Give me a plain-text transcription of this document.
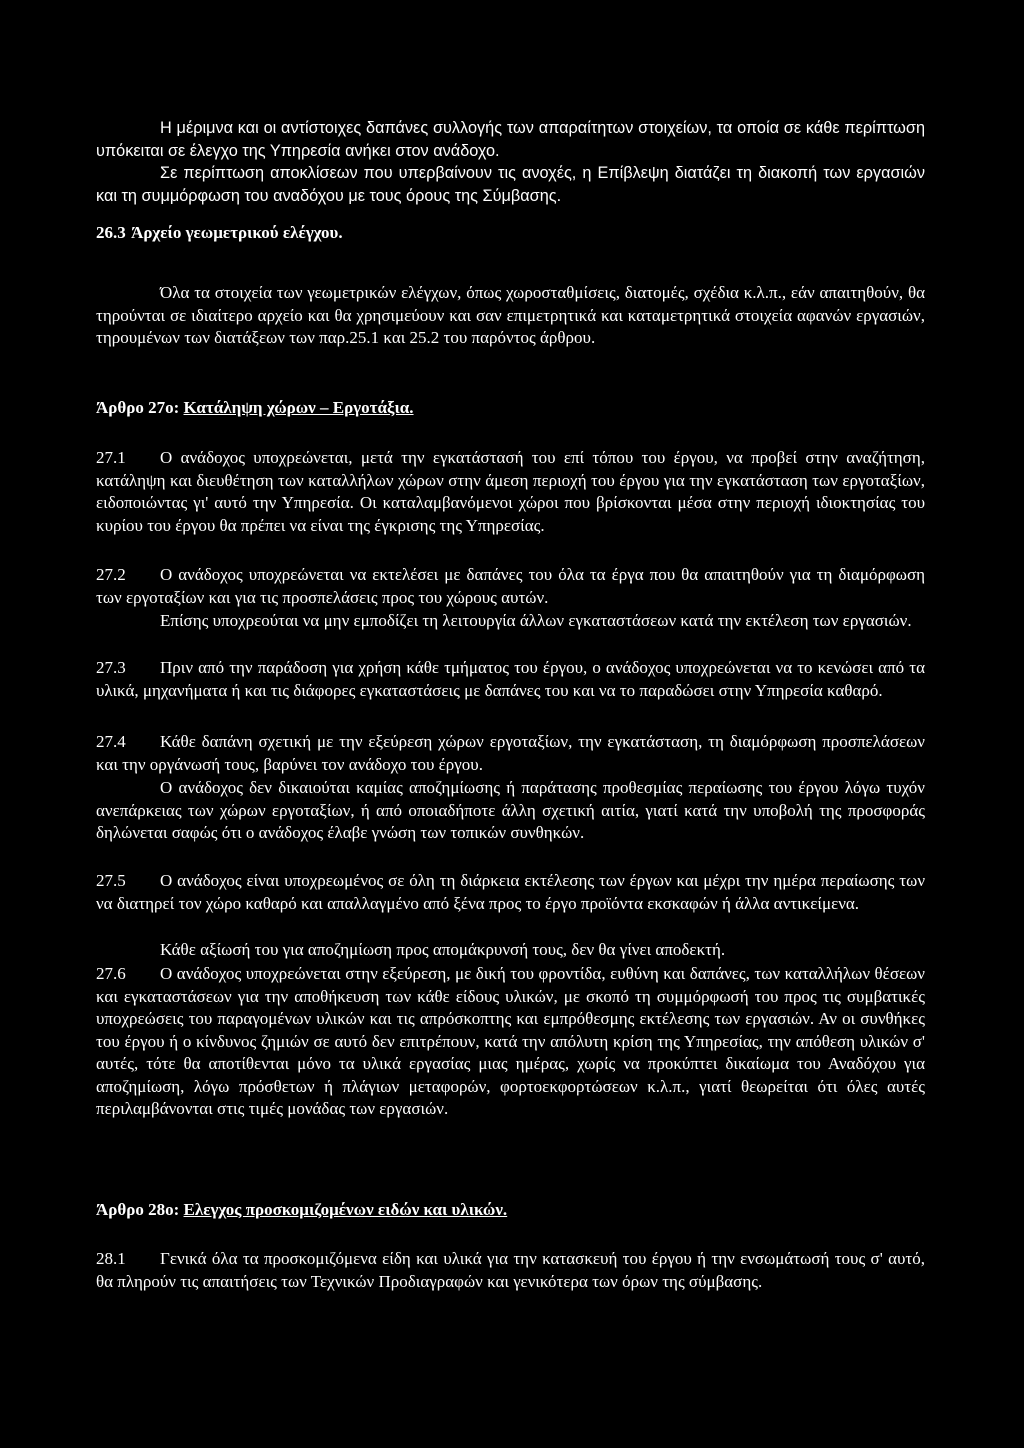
Η μέριμνα και οι αντίστοιχες δαπάνες συλλογής των απαραίτητων στοιχείων, τα οποία σε κάθε περίπτωση υπόκειται σε έλεγχο της Υπηρεσία ανήκει στον ανάδοχο.

Σε περίπτωση αποκλίσεων που υπερβαίνουν τις ανοχές, η Επίβλεψη διατάζει τη διακοπή των εργασιών και τη συμμόρφωση του αναδόχου με τους όρους της Σύμβασης.

26.3 Άρχείο γεωμετρικού ελέγχου.

Όλα τα στοιχεία των γεωμετρικών ελέγχων, όπως χωροσταθμίσεις, διατομές, σχέδια κ.λ.π., εάν απαιτηθούν, θα τηρούνται σε ιδιαίτερο αρχείο και θα χρησιμεύουν και σαν επιμετρητικά και καταμετρητικά στοιχεία αφανών εργασιών, τηρουμένων των διατάξεων των παρ.25.1 και 25.2 του παρόντος άρθρου.

Άρθρο 27ο: Κατάληψη χώρων – Εργοτάξια.

27.1 Ο ανάδοχος υποχρεώνεται, μετά την εγκατάστασή του επί τόπου του έργου, να προβεί στην αναζήτηση, κατάληψη και διευθέτηση των καταλλήλων χώρων στην άμεση περιοχή του έργου για την εγκατάσταση των εργοταξίων, ειδοποιώντας γι' αυτό την Υπηρεσία. Οι καταλαμβανόμενοι χώροι που βρίσκονται μέσα στην περιοχή ιδιοκτησίας του κυρίου του έργου θα πρέπει να είναι της έγκρισης της Υπηρεσίας.

27.2 Ο ανάδοχος υποχρεώνεται να εκτελέσει με δαπάνες του όλα τα έργα που θα απαιτηθούν για τη διαμόρφωση των εργοταξίων και για τις προσπελάσεις προς του χώρους αυτών.

Επίσης υποχρεούται να μην εμποδίζει τη λειτουργία άλλων εγκαταστάσεων κατά την εκτέλεση των εργασιών.

27.3 Πριν από την παράδοση για χρήση κάθε τμήματος του έργου, ο ανάδοχος υποχρεώνεται να το κενώσει από τα υλικά, μηχανήματα ή και τις διάφορες εγκαταστάσεις με δαπάνες του και να το παραδώσει στην Υπηρεσία καθαρό.

27.4 Κάθε δαπάνη σχετική με την εξεύρεση χώρων εργοταξίων, την εγκατάσταση, τη διαμόρφωση προσπελάσεων και την οργάνωσή τους, βαρύνει τον ανάδοχο του έργου.

Ο ανάδοχος δεν δικαιούται καμίας αποζημίωσης ή παράτασης προθεσμίας περαίωσης του έργου λόγω τυχόν ανεπάρκειας των χώρων εργοταξίων, ή από οποιαδήποτε άλλη σχετική αιτία, γιατί κατά την υποβολή της προσφοράς δηλώνεται σαφώς ότι ο ανάδοχος έλαβε γνώση των τοπικών συνθηκών.

27.5 Ο ανάδοχος είναι υποχρεωμένος σε όλη τη διάρκεια εκτέλεσης των έργων και μέχρι την ημέρα περαίωσης των να διατηρεί τον χώρο καθαρό και απαλλαγμένο από ξένα προς το έργο προϊόντα εκσκαφών ή άλλα αντικείμενα.

Κάθε αξίωσή του για αποζημίωση προς απομάκρυνσή τους, δεν θα γίνει αποδεκτή.

27.6 Ο ανάδοχος υποχρεώνεται στην εξεύρεση, με δική του φροντίδα, ευθύνη και δαπάνες, των καταλλήλων θέσεων και εγκαταστάσεων για την αποθήκευση των κάθε είδους υλικών, με σκοπό τη συμμόρφωσή του προς τις συμβατικές υποχρεώσεις του παραγομένων υλικών και τις απρόσκοπτης και εμπρόθεσμης εκτέλεσης των εργασιών. Αν οι συνθήκες του έργου ή ο κίνδυνος ζημιών σε αυτό δεν επιτρέπουν, κατά την απόλυτη κρίση της Υπηρεσίας, την απόθεση υλικών σ' αυτές, τότε θα αποτίθενται μόνο τα υλικά εργασίας μιας ημέρας, χωρίς να προκύπτει δικαίωμα του Αναδόχου για αποζημίωση, λόγω πρόσθετων ή πλάγιων μεταφορών, φορτοεκφορτώσεων κ.λ.π., γιατί θεωρείται ότι όλες αυτές περιλαμβάνονται στις τιμές μονάδας των εργασιών.

Άρθρο 28ο: Ελεγχος προσκομιζομένων ειδών και υλικών.

28.1 Γενικά όλα τα προσκομιζόμενα είδη και υλικά για την κατασκευή του έργου ή την ενσωμάτωσή τους σ' αυτό, θα πληρούν τις απαιτήσεις των Τεχνικών Προδιαγραφών και γενικότερα των όρων της σύμβασης.
